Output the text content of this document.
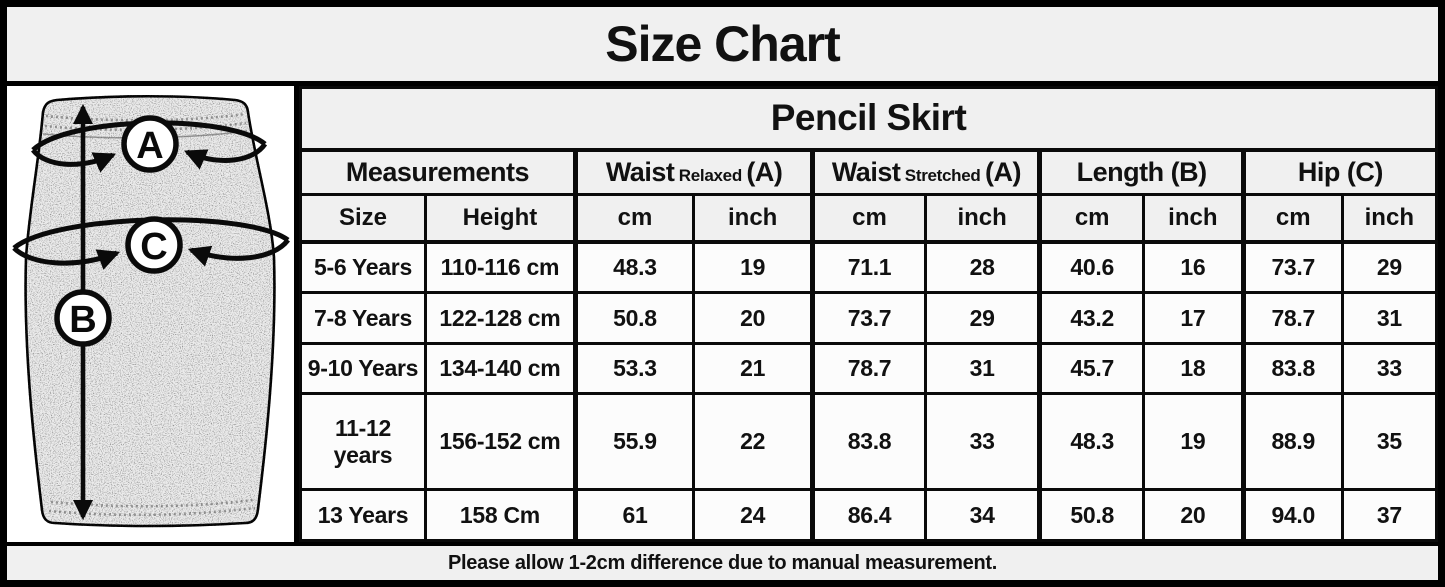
Size Chart
A
C
B
Pencil Skirt									
Measurements		Waist Relaxed (A)		Waist Stretched (A)		Length (B)		Hip (C)	
Size	Height	cm	inch	cm	inch	cm	inch	cm	inch
5-6 Years	110-116 cm	48.3	19	71.1	28	40.6	16	73.7	29
7-8 Years	122-128 cm	50.8	20	73.7	29	43.2	17	78.7	31
9-10 Years	134-140 cm	53.3	21	78.7	31	45.7	18	83.8	33
11-12 years	156-152 cm	55.9	22	83.8	33	48.3	19	88.9	35
13 Years	158 Cm	61	24	86.4	34	50.8	20	94.0	37
Please allow 1-2cm difference due to manual measurement.
